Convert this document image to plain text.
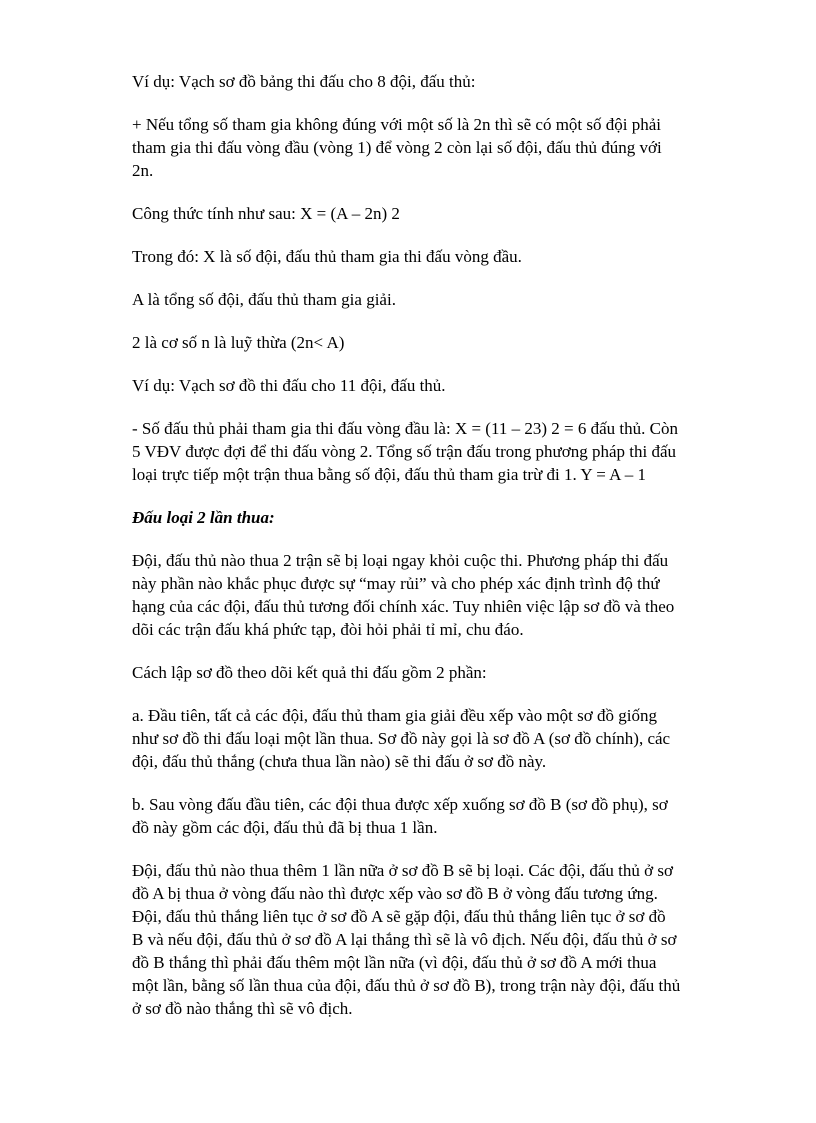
Ví dụ: Vạch sơ đồ bảng thi đấu cho 8 đội, đấu thủ:

+ Nếu tổng số tham gia không đúng với một số là 2n thì sẽ có một số đội phải
tham gia thi đấu vòng đầu (vòng 1) để vòng 2 còn lại số đội, đấu thủ đúng với
2n.

Công thức tính như sau: X = (A – 2n) 2

Trong đó: X là số đội, đấu thủ tham gia thi đấu vòng đầu.

A là tổng số đội, đấu thủ tham gia giải.

2 là cơ số n là luỹ thừa (2n< A)

Ví dụ: Vạch sơ đồ thi đấu cho 11 đội, đấu thủ.

- Số đấu thủ phải tham gia thi đấu vòng đầu là: X = (11 – 23) 2 = 6 đấu thủ. Còn
5 VĐV được đợi để thi đấu vòng 2. Tổng số trận đấu trong phương pháp thi đấu
loại trực tiếp một trận thua bằng số đội, đấu thủ tham gia trừ đi 1. Y = A – 1

Đấu loại 2 lần thua:

Đội, đấu thủ nào thua 2 trận sẽ bị loại ngay khỏi cuộc thi. Phương pháp thi đấu
này phần nào khắc phục được sự “may rủi” và cho phép xác định trình độ thứ
hạng của các đội, đấu thủ tương đối chính xác. Tuy nhiên việc lập sơ đồ và theo
dõi các trận đấu khá phức tạp, đòi hỏi phải tỉ mỉ, chu đáo.

Cách lập sơ đồ theo dõi kết quả thi đấu gồm 2 phần:

a. Đầu tiên, tất cả các đội, đấu thủ tham gia giải đều xếp vào một sơ đồ giống
như sơ đồ thi đấu loại một lần thua. Sơ đồ này gọi là sơ đồ A (sơ đồ chính), các
đội, đấu thủ thắng (chưa thua lần nào) sẽ thi đấu ở sơ đồ này.

b. Sau vòng đấu đầu tiên, các đội thua được xếp xuống sơ đồ B (sơ đồ phụ), sơ
đồ này gồm các đội, đấu thủ đã bị thua 1 lần.

Đội, đấu thủ nào thua thêm 1 lần nữa ở sơ đồ B sẽ bị loại. Các đội, đấu thủ ở sơ
đồ A bị thua ở vòng đấu nào thì được xếp vào sơ đồ B ở vòng đấu tương ứng.
Đội, đấu thủ thắng liên tục ở sơ đồ A sẽ gặp đội, đấu thủ thắng liên tục ở sơ đồ
B và nếu đội, đấu thủ ở sơ đồ A lại thắng thì sẽ là vô địch. Nếu đội, đấu thủ ở sơ
đồ B thắng thì phải đấu thêm một lần nữa (vì đội, đấu thủ ở sơ đồ A mới thua
một lần, bằng số lần thua của đội, đấu thủ ở sơ đồ B), trong trận này đội, đấu thủ
ở sơ đồ nào thắng thì sẽ vô địch.
